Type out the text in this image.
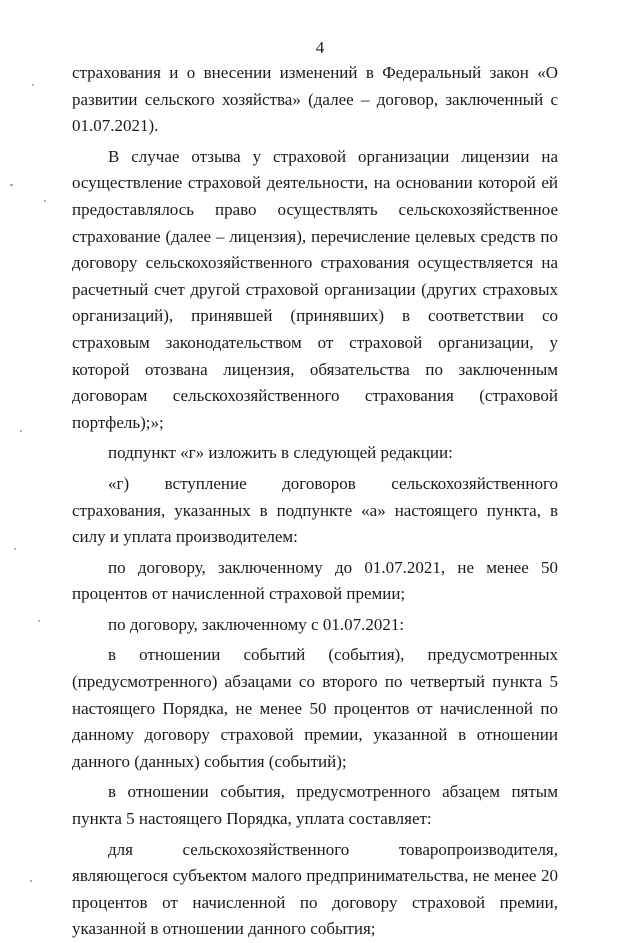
4

страхования и о внесении изменений в Федеральный закон «О развитии сельского хозяйства» (далее – договор, заключенный с 01.07.2021).

В случае отзыва у страховой организации лицензии на осуществление страховой деятельности, на основании которой ей предоставлялось право осуществлять сельскохозяйственное страхование (далее – лицензия), перечисление целевых средств по договору сельскохозяйственного страхования осуществляется на расчетный счет другой страховой организации (других страховых организаций), принявшей (принявших) в соответствии со страховым законодательством от страховой организации, у которой отозвана лицензия, обязательства по заключенным договорам сельскохозяйственного страхования (страховой портфель);»;

подпункт «г» изложить в следующей редакции:

«г) вступление договоров сельскохозяйственного страхования, указанных в подпункте «а» настоящего пункта, в силу и уплата производителем:

по договору, заключенному до 01.07.2021, не менее 50 процентов от начисленной страховой премии;

по договору, заключенному с 01.07.2021:

в отношении событий (события), предусмотренных (предусмотренного) абзацами со второго по четвертый пункта 5 настоящего Порядка, не менее 50 процентов от начисленной по данному договору страховой премии, указанной в отношении данного (данных) события (событий);

в отношении события, предусмотренного абзацем пятым пункта 5 настоящего Порядка, уплата составляет:

для сельскохозяйственного товаропроизводителя, являющегося субъектом малого предпринимательства, не менее 20 процентов от начисленной по договору страховой премии, указанной в отношении данного события;
